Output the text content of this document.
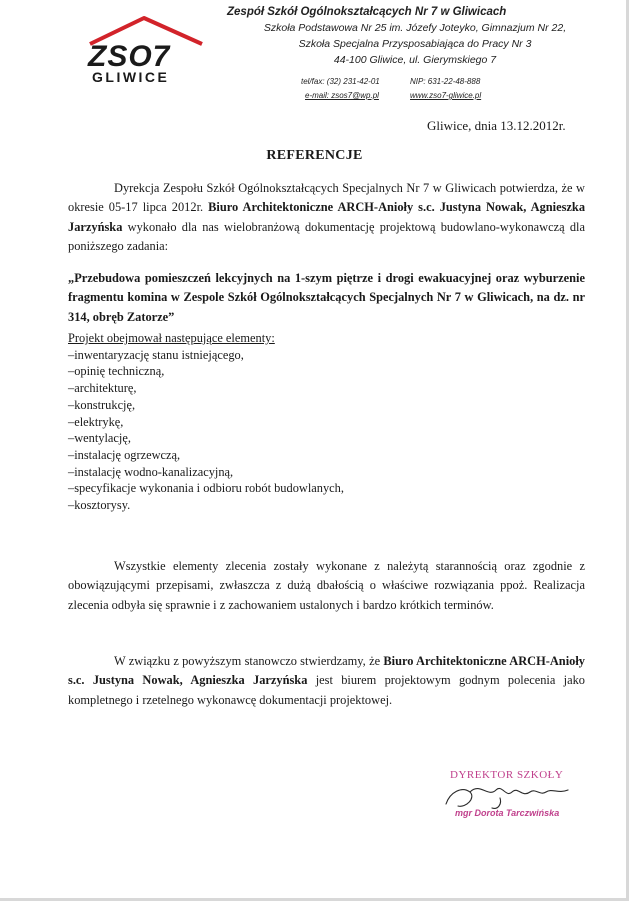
ZSO7
GLIWICE
Zespół Szkół Ogólnokształcących Nr 7 w Gliwicach
Szkoła Podstawowa Nr 25 im. Józefy Joteyko, Gimnazjum Nr 22,
Szkoła Specjalna Przysposabiająca do Pracy Nr 3
44-100 Gliwice, ul. Gierymskiego 7
tel/fax: (32) 231-42-01	NIP: 631-22-48-888
e-mail: zsos7@wp.pl	www.zso7-gliwice.pl
Gliwice, dnia 13.12.2012r.
REFERENCJE
Dyrekcja Zespołu Szkół Ogólnokształcących Specjalnych Nr 7 w Gliwicach potwierdza, że w okresie 05-17 lipca 2012r. Biuro Architektoniczne ARCH-Anioły s.c. Justyna Nowak, Agnieszka Jarzyńska wykonało dla nas wielobranżową dokumentację projektową budowlano-wykonawczą dla poniższego zadania:
„Przebudowa pomieszczeń lekcyjnych na 1-szym piętrze i drogi ewakuacyjnej oraz wyburzenie fragmentu komina w Zespole Szkół Ogólnokształcących Specjalnych Nr 7 w Gliwicach, na dz. nr 314, obręb Zatorze”
Projekt obejmował następujące elementy:
–inwentaryzację stanu istniejącego,
–opinię techniczną,
–architekturę,
–konstrukcję,
–elektrykę,
–wentylację,
–instalację ogrzewczą,
–instalację wodno-kanalizacyjną,
–specyfikacje wykonania i odbioru robót budowlanych,
–kosztorysy.
Wszystkie elementy zlecenia zostały wykonane z należytą starannością oraz zgodnie z obowiązującymi przepisami, zwłaszcza z dużą dbałością o właściwe rozwiązania ppoż. Realizacja zlecenia odbyła się sprawnie i z zachowaniem ustalonych i bardzo krótkich terminów.
W związku z powyższym stanowczo stwierdzamy, że Biuro Architektoniczne ARCH-Anioły s.c. Justyna Nowak, Agnieszka Jarzyńska jest biurem projektowym godnym polecenia jako kompletnego i rzetelnego wykonawcę dokumentacji projektowej.
DYREKTOR SZKOŁY
mgr Dorota Tarczwińska
